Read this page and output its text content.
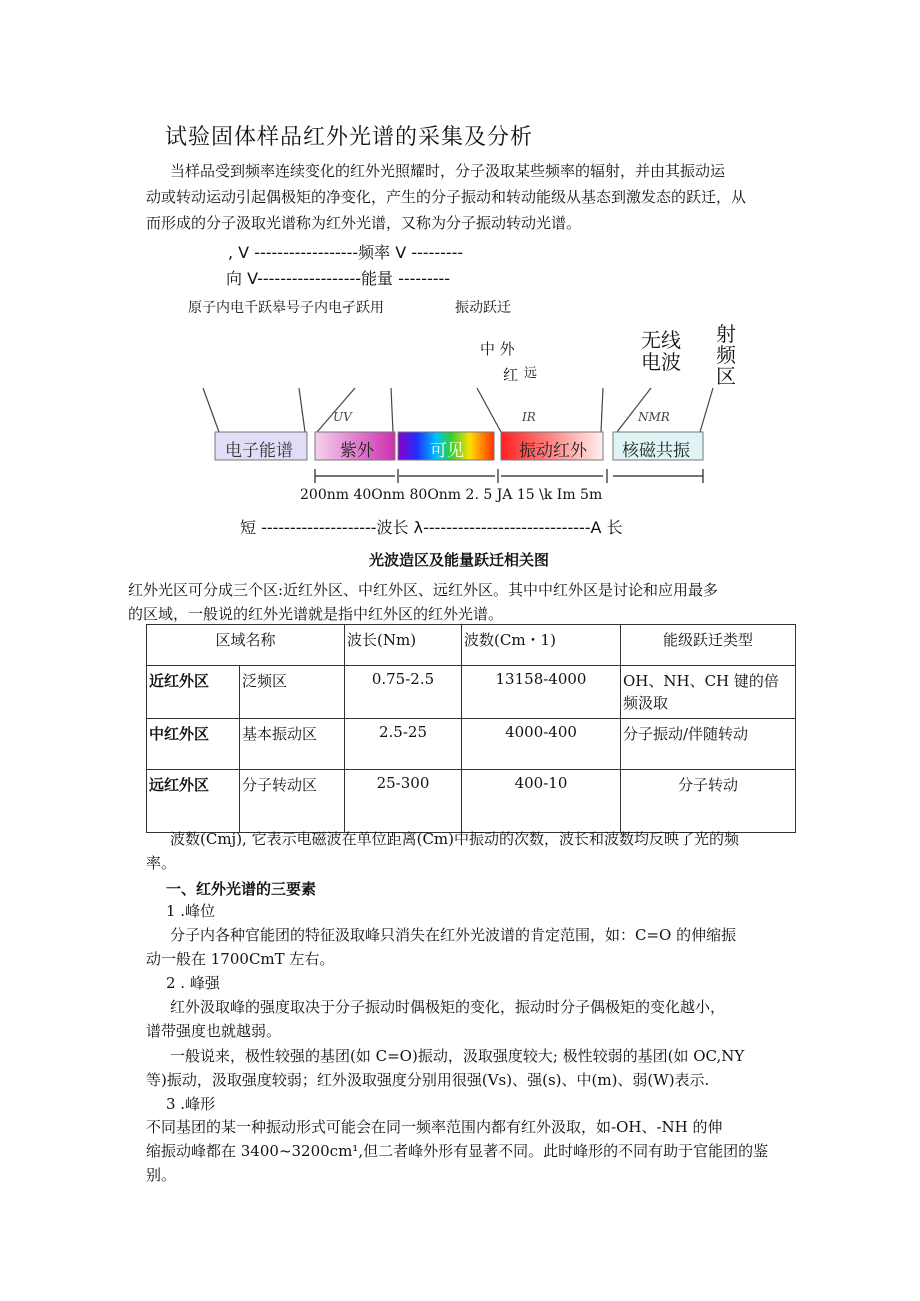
试验固体样品红外光谱的采集及分析
当样品受到频率连续变化的红外光照耀时，分子汲取某些频率的辐射，并由其振动运
动或转动运动引起偶极矩的净变化，产生的分子振动和转动能级从基态到激发态的跃迁，从
而形成的分子汲取光谱称为红外光谱，又称为分子振动转动光谱。
, V ------------------频率 V ---------
向 V------------------能量 ---------
原子内电千跃皋号子内电孑跃用	振动跃迁
中 外
红 远
无线
电波
射
频
区
电子能谱
UV
紫外	可见
IR
振动红外
NMR
核磁共振
200nm 40Onm 80Onm 2. 5 JA 15 \k Im 5m
短 --------------------波长 λ-----------------------------A 长
光波造区及能量跃迁相关图
红外光区可分成三个区:近红外区、中红外区、远红外区。其中中红外区是讨论和应用最多
的区域，一般说的红外光谱就是指中红外区的红外光谱。
区域名称		波长(Nm)	波数(Cm・1)	能级跃迁类型
近红外区	泛频区	0.75-2.5	13158-4000	OH、NH、CH 键的倍频汲取
中红外区	基本振动区	2.5-25	4000-400	分子振动/伴随转动
远红外区	分子转动区	25-300	400-10	分子转动
波数(Cmj), 它表示电磁波在单位距离(Cm)中振动的次数，波长和波数均反映了光的频
率。
一、红外光谱的三要素
1 .峰位
分子内各种官能团的特征汲取峰只消失在红外光波谱的肯定范围，如：C=O 的伸缩振
动一般在 1700CmT 左右。
2 . 峰强
红外汲取峰的强度取决于分子振动时偶极矩的变化，振动时分子偶极矩的变化越小，
谱带强度也就越弱。
一般说来，极性较强的基团(如 C=O)振动，汲取强度较大; 极性较弱的基团(如 OC,NY
等)振动，汲取强度较弱；红外汲取强度分别用很强(Vs)、强(s)、中(m)、弱(W)表示.
3 .峰形
不同基团的某一种振动形式可能会在同一频率范围内都有红外汲取，如-OH、-NH 的伸
缩振动峰都在 3400~3200cm¹,但二者峰外形有显著不同。此时峰形的不同有助于官能团的鉴
别。
